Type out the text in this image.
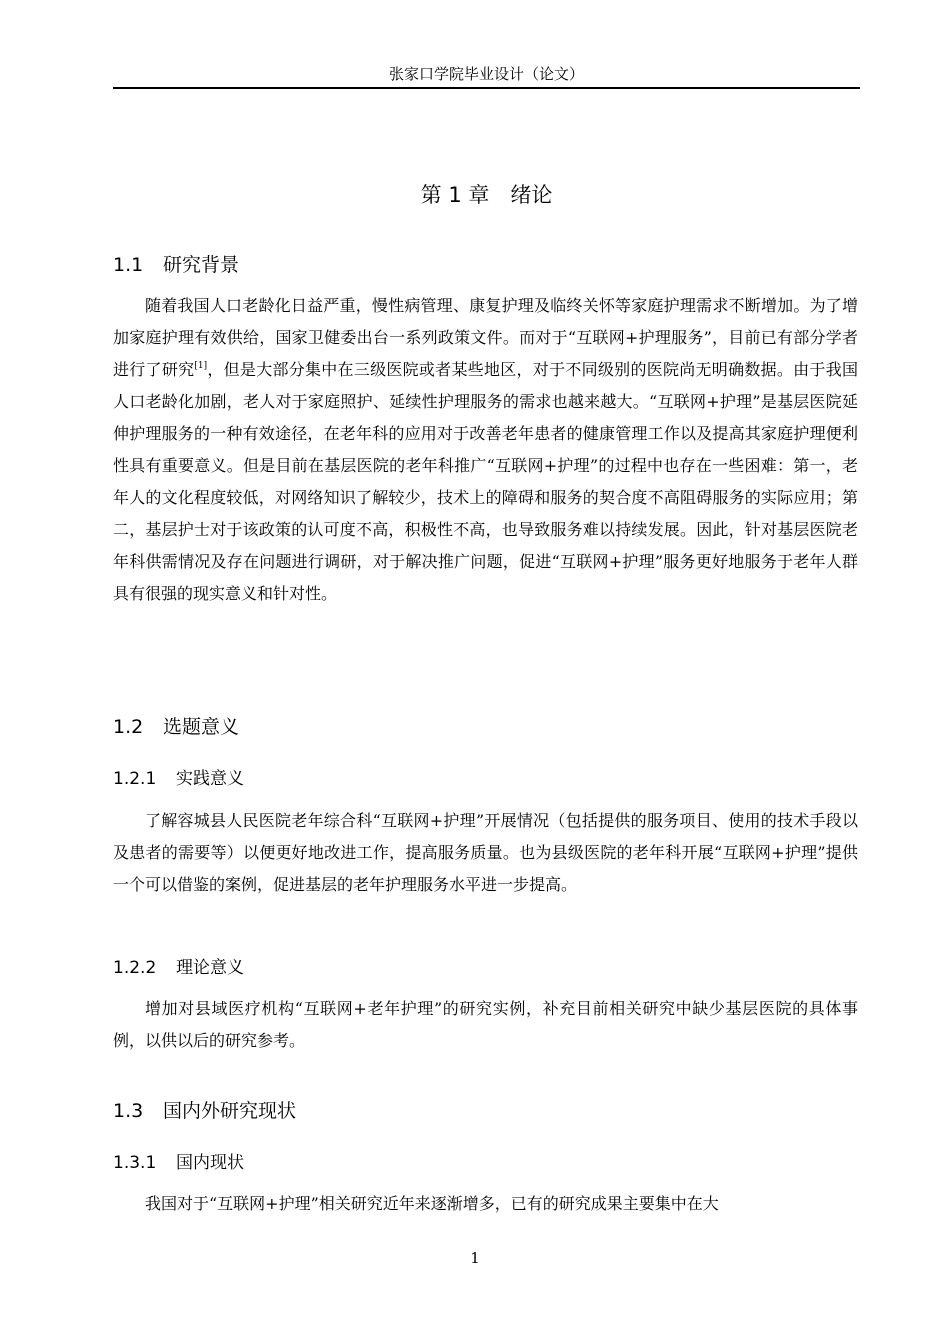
张家口学院毕业设计（论文）
第 1 章　绪论
1.1 研究背景

随着我国人口老龄化日益严重，慢性病管理、康复护理及临终关怀等家庭护理需求不断增加。为了增加家庭护理有效供给，国家卫健委出台一系列政策文件。而对于“互联网+护理服务”，目前已有部分学者进行了研究[1]，但是大部分集中在三级医院或者某些地区，对于不同级别的医院尚无明确数据。由于我国人口老龄化加剧，老人对于家庭照护、延续性护理服务的需求也越来越大。“互联网+护理”是基层医院延伸护理服务的一种有效途径，在老年科的应用对于改善老年患者的健康管理工作以及提高其家庭护理便利性具有重要意义。但是目前在基层医院的老年科推广“互联网+护理”的过程中也存在一些困难：第一，老年人的文化程度较低，对网络知识了解较少，技术上的障碍和服务的契合度不高阻碍服务的实际应用；第二，基层护士对于该政策的认可度不高，积极性不高，也导致服务难以持续发展。因此，针对基层医院老年科供需情况及存在问题进行调研，对于解决推广问题，促进“互联网+护理”服务更好地服务于老年人群具有很强的现实意义和针对性。

1.2 选题意义
1.2.1 实践意义

了解容城县人民医院老年综合科“互联网+护理”开展情况（包括提供的服务项目、使用的技术手段以及患者的需要等）以便更好地改进工作，提高服务质量。也为县级医院的老年科开展“互联网+护理”提供一个可以借鉴的案例，促进基层的老年护理服务水平进一步提高。

1.2.2 理论意义

增加对县域医疗机构“互联网+老年护理”的研究实例，补充目前相关研究中缺少基层医院的具体事例，以供以后的研究参考。

1.3 国内外研究现状
1.3.1 国内现状

我国对于“互联网+护理”相关研究近年来逐渐增多，已有的研究成果主要集中在大

1
